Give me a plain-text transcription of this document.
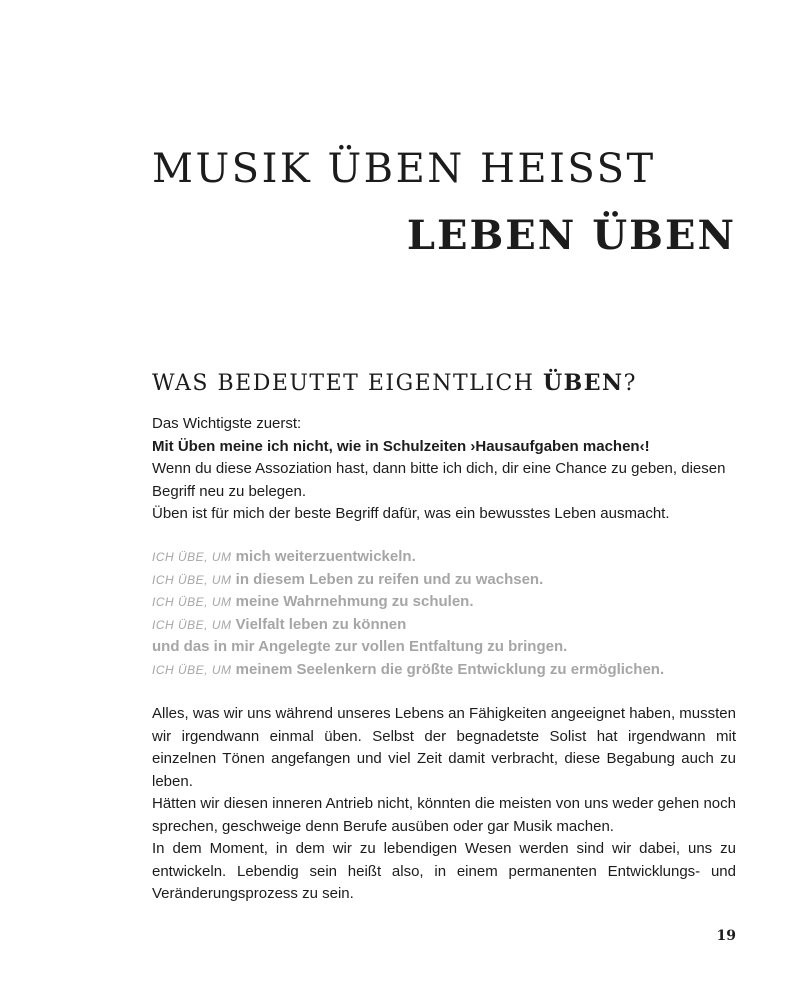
MUSIK ÜBEN HEISST
LEBEN ÜBEN
WAS BEDEUTET EIGENTLICH ÜBEN?

Das Wichtigste zuerst:

Mit Üben meine ich nicht, wie in Schulzeiten ›Hausaufgaben machen‹!

Wenn du diese Assoziation hast, dann bitte ich dich, dir eine Chance zu geben, diesen Begriff neu zu belegen.

Üben ist für mich der beste Begriff dafür, was ein bewusstes Leben ausmacht.

ICH ÜBE, UM mich weiterzuentwickeln.

ICH ÜBE, UM in diesem Leben zu reifen und zu wachsen.

ICH ÜBE, UM meine Wahrnehmung zu schulen.

ICH ÜBE, UM Vielfalt leben zu können

und das in mir Angelegte zur vollen Entfaltung zu bringen.

ICH ÜBE, UM meinem Seelenkern die größte Entwicklung zu ermöglichen.

Alles, was wir uns während unseres Lebens an Fähigkeiten angeeignet haben, mussten wir irgendwann einmal üben. Selbst der begnadetste Solist hat irgendwann mit einzelnen Tönen angefangen und viel Zeit damit verbracht, diese Begabung auch zu leben.

Hätten wir diesen inneren Antrieb nicht, könnten die meisten von uns weder gehen noch sprechen, geschweige denn Berufe ausüben oder gar Musik machen.

In dem Moment, in dem wir zu lebendigen Wesen werden sind wir dabei, uns zu entwickeln. Lebendig sein heißt also, in einem permanenten Entwicklungs- und Veränderungsprozess zu sein.

19
